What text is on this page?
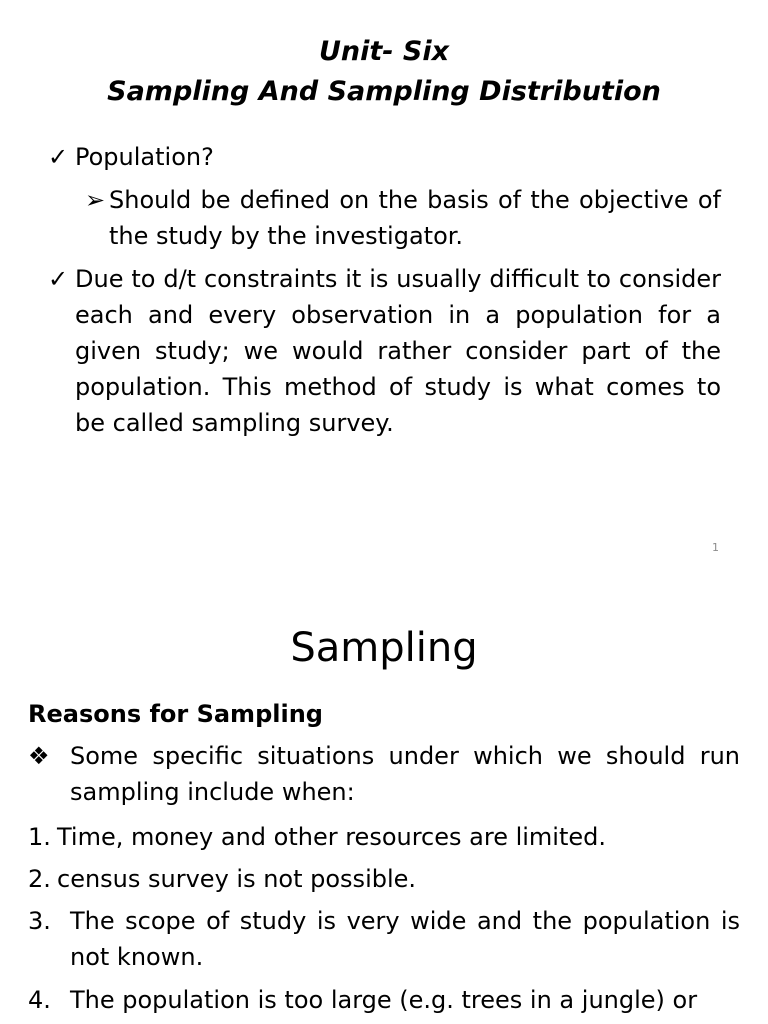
Unit- Six
Sampling And Sampling Distribution
✓ Population?
➢ Should be defined on the basis of the objective of the study by the investigator.
✓ Due to d/t constraints it is usually difficult to consider each and every observation in a population for a given study; we would rather consider part of the population. This method of study is what comes to be called sampling survey.
1
Sampling
Reasons for Sampling
❖ Some specific situations under which we should run sampling include when:
1. Time, money and other resources are limited.
2. census survey is not possible.
3. The scope of study is very wide and the population is not known.
4. The population is too large (e.g. trees in a jungle) or
